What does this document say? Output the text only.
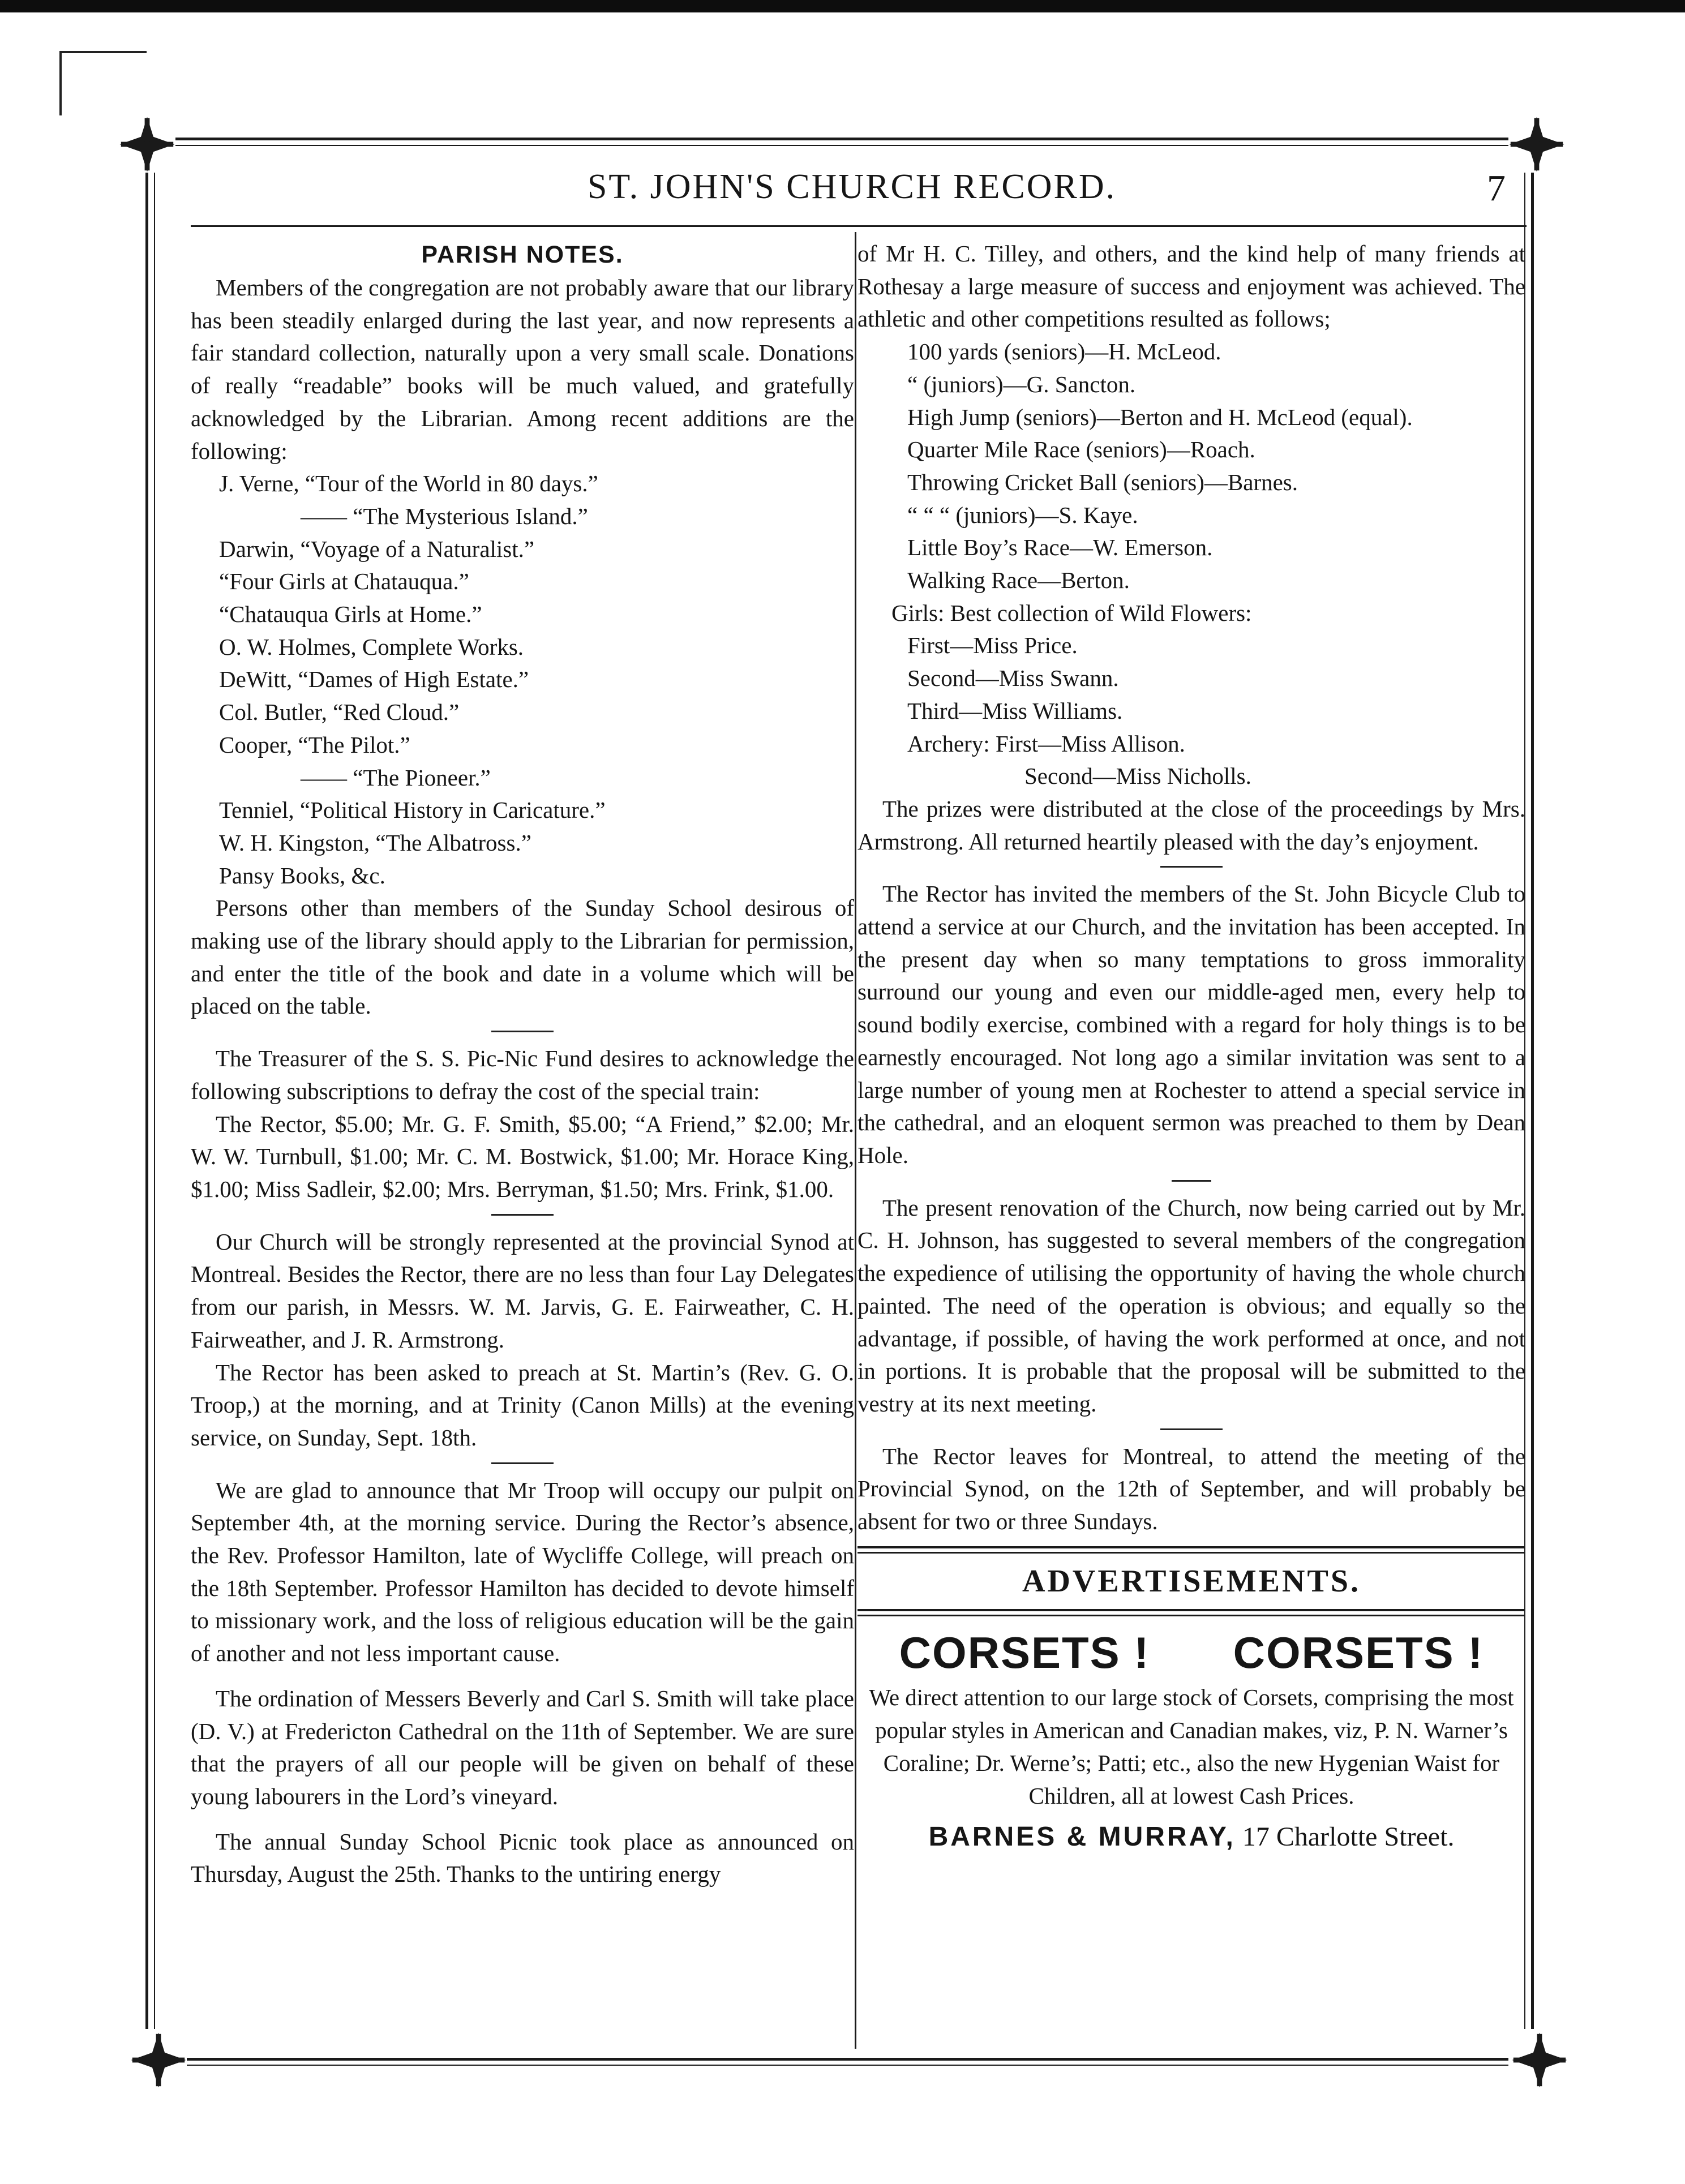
ST. JOHN'S CHURCH RECORD.	7
PARISH NOTES.

Members of the congregation are not probably aware that our library has been steadily enlarged during the last year, and now represents a fair standard collection, naturally upon a very small scale. Donations of really “readable” books will be much valued, and gratefully acknowledged by the Librarian. Among recent additions are the following:

J. Verne, “Tour of the World in 80 days.”

—— “The Mysterious Island.”

Darwin, “Voyage of a Naturalist.”

“Four Girls at Chatauqua.”

“Chatauqua Girls at Home.”

O. W. Holmes, Complete Works.

DeWitt, “Dames of High Estate.”

Col. Butler, “Red Cloud.”

Cooper, “The Pilot.”

—— “The Pioneer.”

Tenniel, “Political History in Caricature.”

W. H. Kingston, “The Albatross.”

Pansy Books, &c.

Persons other than members of the Sunday School desirous of making use of the library should apply to the Librarian for permission, and enter the title of the book and date in a volume which will be placed on the table.

The Treasurer of the S. S. Pic-Nic Fund desires to acknowledge the following subscriptions to defray the cost of the special train:

The Rector, $5.00; Mr. G. F. Smith, $5.00; “A Friend,” $2.00; Mr. W. W. Turnbull, $1.00; Mr. C. M. Bostwick, $1.00; Mr. Horace King, $1.00; Miss Sadleir, $2.00; Mrs. Berryman, $1.50; Mrs. Frink, $1.00.

Our Church will be strongly represented at the provincial Synod at Montreal. Besides the Rector, there are no less than four Lay Delegates from our parish, in Messrs. W. M. Jarvis, G. E. Fairweather, C. H. Fairweather, and J. R. Armstrong.

The Rector has been asked to preach at St. Martin’s (Rev. G. O. Troop,) at the morning, and at Trinity (Canon Mills) at the evening service, on Sunday, Sept. 18th.

We are glad to announce that Mr Troop will occupy our pulpit on September 4th, at the morning service. During the Rector’s absence, the Rev. Professor Hamilton, late of Wycliffe College, will preach on the 18th September. Professor Hamilton has decided to devote himself to missionary work, and the loss of religious education will be the gain of another and not less important cause.

The ordination of Messers Beverly and Carl S. Smith will take place (D. V.) at Fredericton Cathedral on the 11th of September. We are sure that the prayers of all our people will be given on behalf of these young labourers in the Lord’s vineyard.

The annual Sunday School Picnic took place as announced on Thursday, August the 25th. Thanks to the untiring energy

of Mr H. C. Tilley, and others, and the kind help of many friends at Rothesay a large measure of success and enjoyment was achieved. The athletic and other competitions resulted as follows;

100 yards (seniors)—H. McLeod.

“ (juniors)—G. Sancton.

High Jump (seniors)—Berton and H. McLeod (equal).

Quarter Mile Race (seniors)—Roach.

Throwing Cricket Ball (seniors)—Barnes.

“ “ “ (juniors)—S. Kaye.

Little Boy’s Race—W. Emerson.

Walking Race—Berton.

Girls: Best collection of Wild Flowers:

First—Miss Price.

Second—Miss Swann.

Third—Miss Williams.

Archery: First—Miss Allison.

Second—Miss Nicholls.

The prizes were distributed at the close of the proceedings by Mrs. Armstrong. All returned heartily pleased with the day’s enjoyment.

The Rector has invited the members of the St. John Bicycle Club to attend a service at our Church, and the invitation has been accepted. In the present day when so many temptations to gross immorality surround our young and even our middle-aged men, every help to sound bodily exercise, combined with a regard for holy things is to be earnestly encouraged. Not long ago a similar invitation was sent to a large number of young men at Rochester to attend a special service in the cathedral, and an eloquent sermon was preached to them by Dean Hole.

The present renovation of the Church, now being carried out by Mr. C. H. Johnson, has suggested to several members of the congregation the expedience of utilising the opportunity of having the whole church painted. The need of the operation is obvious; and equally so the advantage, if possible, of having the work performed at once, and not in portions. It is probable that the proposal will be submitted to the vestry at its next meeting.

The Rector leaves for Montreal, to attend the meeting of the Provincial Synod, on the 12th of September, and will probably be absent for two or three Sundays.

ADVERTISEMENTS.
CORSETS ! CORSETS !
We direct attention to our large stock of Corsets, comprising the most popular styles in American and Canadian makes, viz, P. N. Warner’s Coraline; Dr. Werne’s; Patti; etc., also the new Hygenian Waist for Children, all at lowest Cash Prices.
BARNES & MURRAY, 17 Charlotte Street.
